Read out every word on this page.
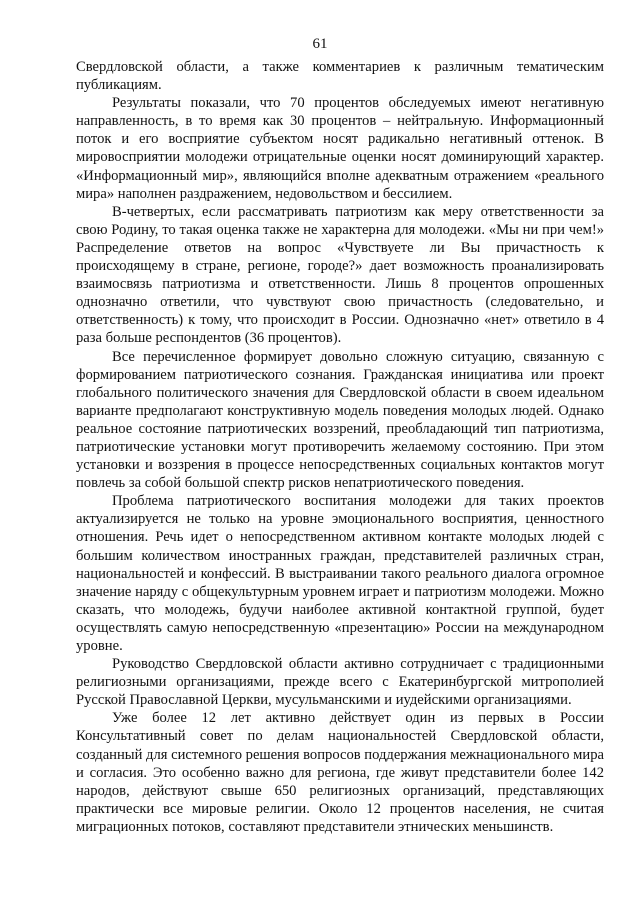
61

Свердловской области, а также комментариев к различным тематическим публикациям.

Результаты показали, что 70 процентов обследуемых имеют негативную направленность, в то время как 30 процентов – нейтральную. Информационный поток и его восприятие субъектом носят радикально негативный оттенок. В мировосприятии молодежи отрицательные оценки носят доминирующий характер. «Информационный мир», являющийся вполне адекватным отражением «реального мира» наполнен раздражением, недовольством и бессилием.

В-четвертых, если рассматривать патриотизм как меру ответственности за свою Родину, то такая оценка также не характерна для молодежи. «Мы ни при чем!» Распределение ответов на вопрос «Чувствуете ли Вы причастность к происходящему в стране, регионе, городе?» дает возможность проанализировать взаимосвязь патриотизма и ответственности. Лишь 8 процентов опрошенных однозначно ответили, что чувствуют свою причастность (следовательно, и ответственность) к тому, что происходит в России. Однозначно «нет» ответило в 4 раза больше респондентов (36 процентов).

Все перечисленное формирует довольно сложную ситуацию, связанную с формированием патриотического сознания. Гражданская инициатива или проект глобального политического значения для Свердловской области в своем идеальном варианте предполагают конструктивную модель поведения молодых людей. Однако реальное состояние патриотических воззрений, преобладающий тип патриотизма, патриотические установки могут противоречить желаемому состоянию. При этом установки и воззрения в процессе непосредственных социальных контактов могут повлечь за собой большой спектр рисков непатриотического поведения.

Проблема патриотического воспитания молодежи для таких проектов актуализируется не только на уровне эмоционального восприятия, ценностного отношения. Речь идет о непосредственном активном контакте молодых людей с большим количеством иностранных граждан, представителей различных стран, национальностей и конфессий. В выстраивании такого реального диалога огромное значение наряду с общекультурным уровнем играет и патриотизм молодежи. Можно сказать, что молодежь, будучи наиболее активной контактной группой, будет осуществлять самую непосредственную «презентацию» России на международном уровне.

Руководство Свердловской области активно сотрудничает с традиционными религиозными организациями, прежде всего с Екатеринбургской митрополией Русской Православной Церкви, мусульманскими и иудейскими организациями.

Уже более 12 лет активно действует один из первых в России Консультативный совет по делам национальностей Свердловской области, созданный для системного решения вопросов поддержания межнационального мира и согласия. Это особенно важно для региона, где живут представители более 142 народов, действуют свыше 650 религиозных организаций, представляющих практически все мировые религии. Около 12 процентов населения, не считая миграционных потоков, составляют представители этнических меньшинств.
